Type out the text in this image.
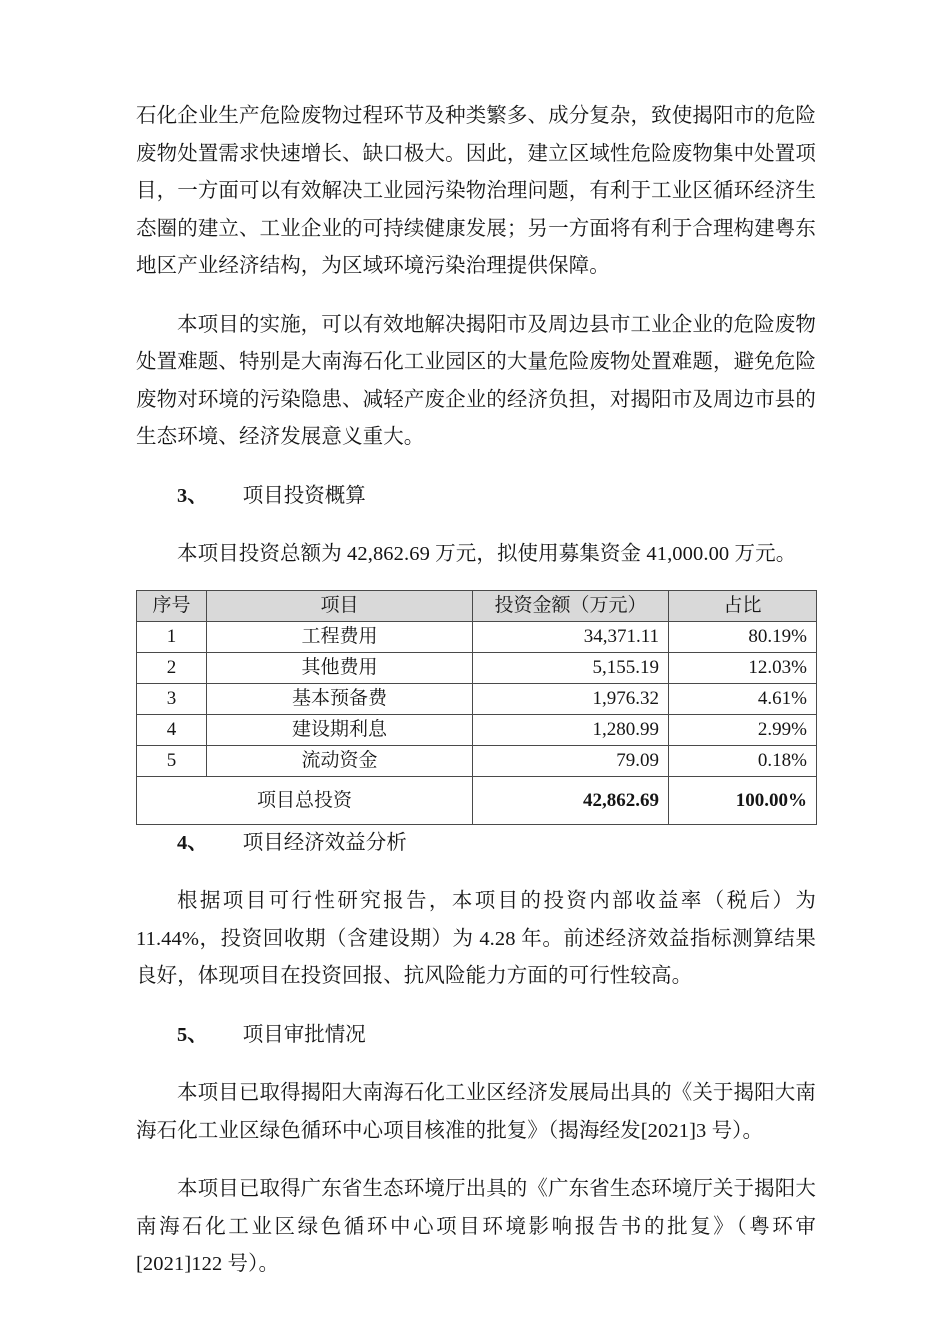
石化企业生产危险废物过程环节及种类繁多、成分复杂，致使揭阳市的危险废物处置需求快速增长、缺口极大。因此，建立区域性危险废物集中处置项目，一方面可以有效解决工业园污染物治理问题，有利于工业区循环经济生态圈的建立、工业企业的可持续健康发展；另一方面将有利于合理构建粤东地区产业经济结构，为区域环境污染治理提供保障。

本项目的实施，可以有效地解决揭阳市及周边县市工业企业的危险废物处置难题、特别是大南海石化工业园区的大量危险废物处置难题，避免危险废物对环境的污染隐患、减轻产废企业的经济负担，对揭阳市及周边市县的生态环境、经济发展意义重大。

3、 项目投资概算

本项目投资总额为 42,862.69 万元，拟使用募集资金 41,000.00 万元。

序号	项目	投资金额（万元）	占比
1	工程费用	34,371.11	80.19%
2	其他费用	5,155.19	12.03%
3	基本预备费	1,976.32	4.61%
4	建设期利息	1,280.99	2.99%
5	流动资金	79.09	0.18%
项目总投资		42,862.69	100.00%
4、 项目经济效益分析

根据项目可行性研究报告，本项目的投资内部收益率（税后）为 11.44%，投资回收期（含建设期）为 4.28 年。前述经济效益指标测算结果良好，体现项目在投资回报、抗风险能力方面的可行性较高。

5、 项目审批情况

本项目已取得揭阳大南海石化工业区经济发展局出具的《关于揭阳大南海石化工业区绿色循环中心项目核准的批复》（揭海经发[2021]3 号）。

本项目已取得广东省生态环境厅出具的《广东省生态环境厅关于揭阳大南海石化工业区绿色循环中心项目环境影响报告书的批复》（粤环审 [2021]122 号）。
